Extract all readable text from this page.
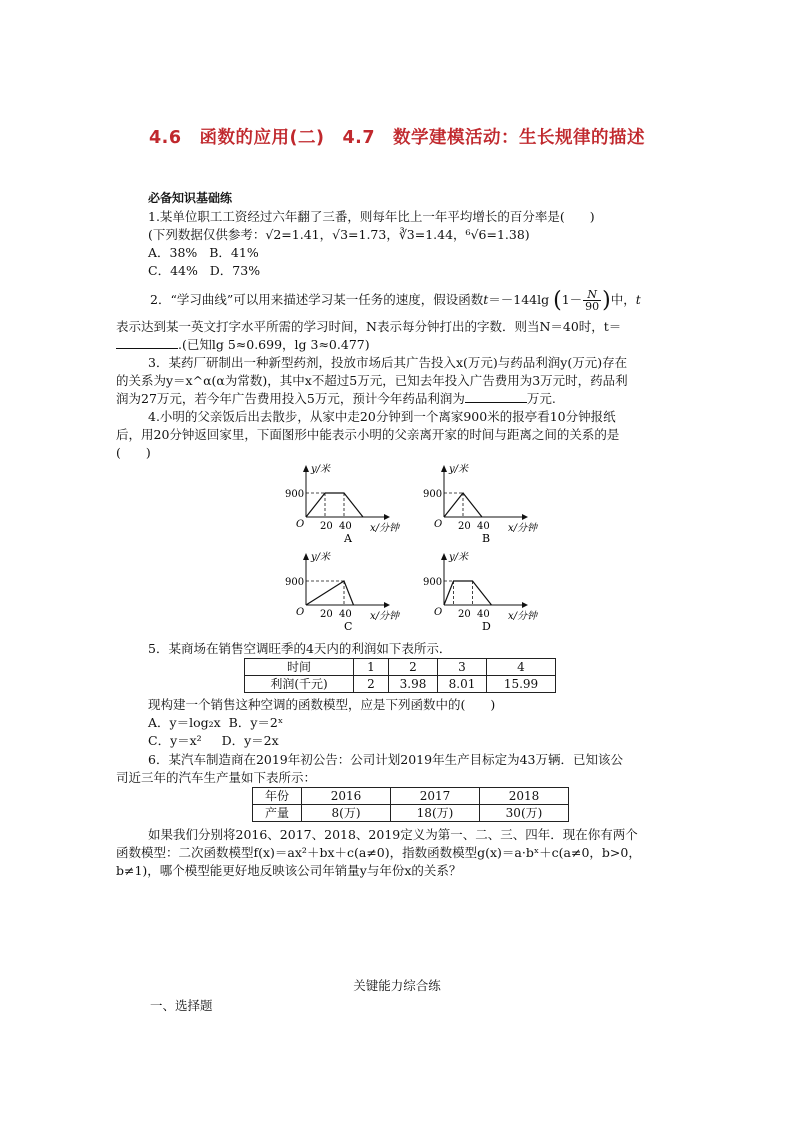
4.6　函数的应用(二)　4.7　数学建模活动：生长规律的描述
必备知识基础练
1.某单位职工工资经过六年翻了三番，则每年比上一年平均增长的百分率是(　　)
(下列数据仅供参考：√2=1.41，√3=1.73，∛3=1.44，⁶√6=1.38)
A．38% B．41%
C．44% D．73%
2．“学习曲线”可以用来描述学习某一任务的速度，假设函数t＝－144lg ($1- \frac{N}{90}$ )中，t
表示达到某一英文打字水平所需的学习时间，N表示每分钟打出的字数．则当N＝40时，t＝
.(已知lg 5≈0.699，lg 3≈0.477)
3．某药厂研制出一种新型药剂，投放市场后其广告投入x(万元)与药品利润y(万元)存在
的关系为y＝x^α(α为常数)，其中x不超过5万元，已知去年投入广告费用为3万元时，药品利
润为27万元，若今年广告费用投入5万元，预计今年药品利润为	万元.
4.小明的父亲饭后出去散步，从家中走20分钟到一个离家900米的报亭看10分钟报纸
后，用20分钟返回家里，下面图形中能表示小明的父亲离开家的时间与距离之间的关系的是
(　　)
y/米
x/分钟
O
900
20 40
A
y/米
x/分钟
O
900
20 40
B
y/米
x/分钟
O
900
20 40
C
y/米
x/分钟
O
900
20 40
D
5．某商场在销售空调旺季的4天内的利润如下表所示．
时间	1	2	3	4
利润(千元)	2	3.98	8.01	15.99
现构建一个销售这种空调的函数模型，应是下列函数中的(　　)
A．y＝log₂x B．y＝2ˣ
C．y＝x² D．y＝2x
6．某汽车制造商在2019年初公告：公司计划2019年生产目标定为43万辆．已知该公
司近三年的汽车生产量如下表所示：
年份	2016	2017	2018
产量	8(万)	18(万)	30(万)
如果我们分别将2016、2017、2018、2019定义为第一、二、三、四年．现在你有两个
函数模型：二次函数模型f(x)＝ax²＋bx＋c(a≠0)，指数函数模型g(x)＝a·bˣ＋c(a≠0，b>0，
b≠1)，哪个模型能更好地反映该公司年销量y与年份x的关系？
关键能力综合练
一、选择题
